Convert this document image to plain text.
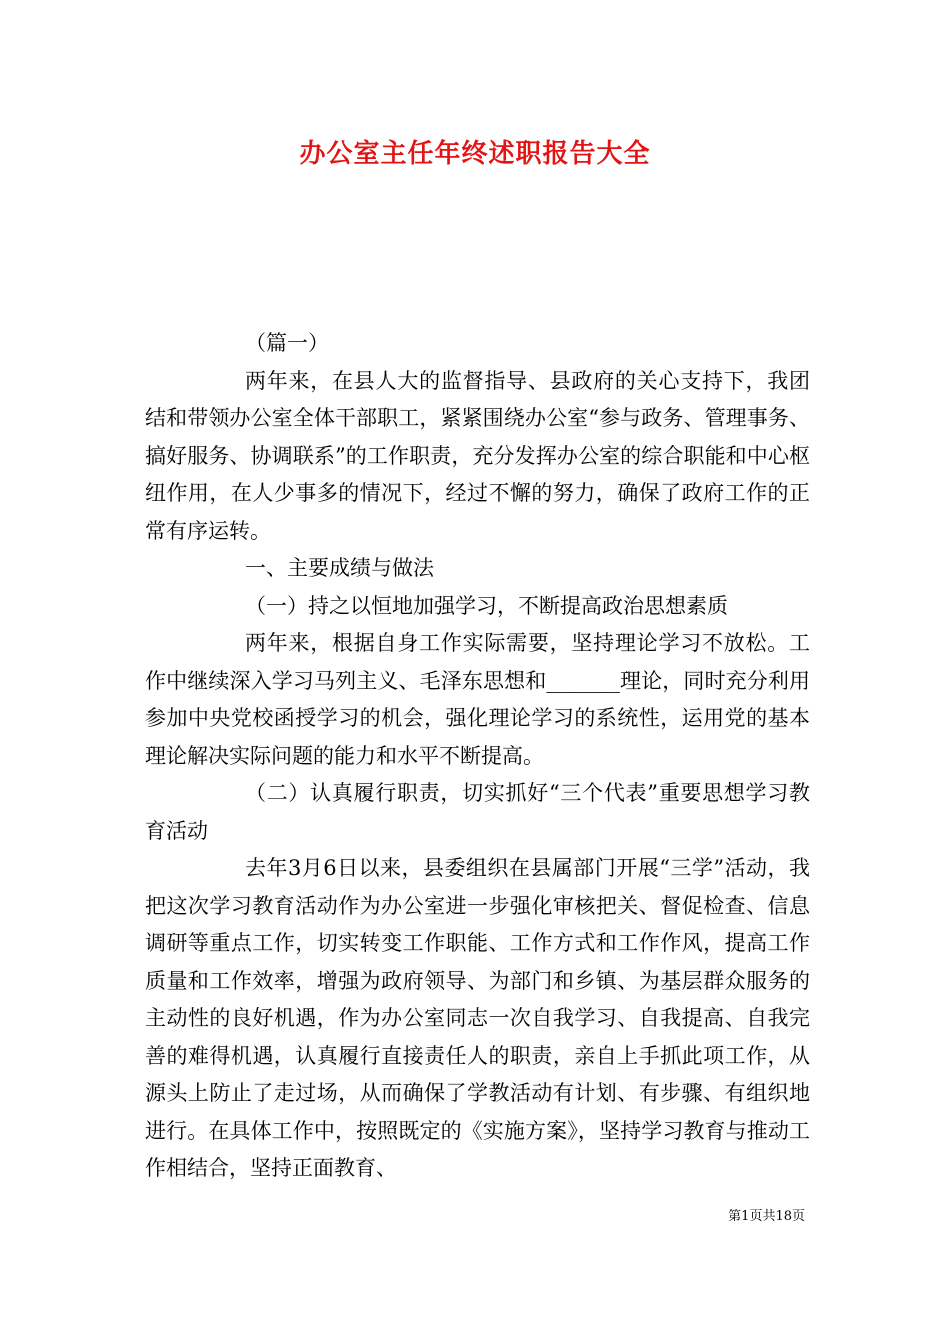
办公室主任年终述职报告大全

（篇一）

两年来，在县人大的监督指导、县政府的关心支持下，我团结和带领办公室全体干部职工，紧紧围绕办公室“参与政务、管理事务、搞好服务、协调联系”的工作职责，充分发挥办公室的综合职能和中心枢纽作用，在人少事多的情况下，经过不懈的努力，确保了政府工作的正常有序运转。

一、主要成绩与做法

（一）持之以恒地加强学习，不断提高政治思想素质

两年来，根据自身工作实际需要，坚持理论学习不放松。工作中继续深入学习马列主义、毛泽东思想和_______理论，同时充分利用参加中央党校函授学习的机会，强化理论学习的系统性，运用党的基本理论解决实际问题的能力和水平不断提高。

（二）认真履行职责，切实抓好“三个代表”重要思想学习教育活动

去年3月6日以来，县委组织在县属部门开展“三学”活动，我把这次学习教育活动作为办公室进一步强化审核把关、督促检查、信息调研等重点工作，切实转变工作职能、工作方式和工作作风，提高工作质量和工作效率，增强为政府领导、为部门和乡镇、为基层群众服务的主动性的良好机遇，作为办公室同志一次自我学习、自我提高、自我完善的难得机遇，认真履行直接责任人的职责，亲自上手抓此项工作，从源头上防止了走过场，从而确保了学教活动有计划、有步骤、有组织地进行。在具体工作中，按照既定的《实施方案》，坚持学习教育与推动工作相结合，坚持正面教育、

第1页共18页
